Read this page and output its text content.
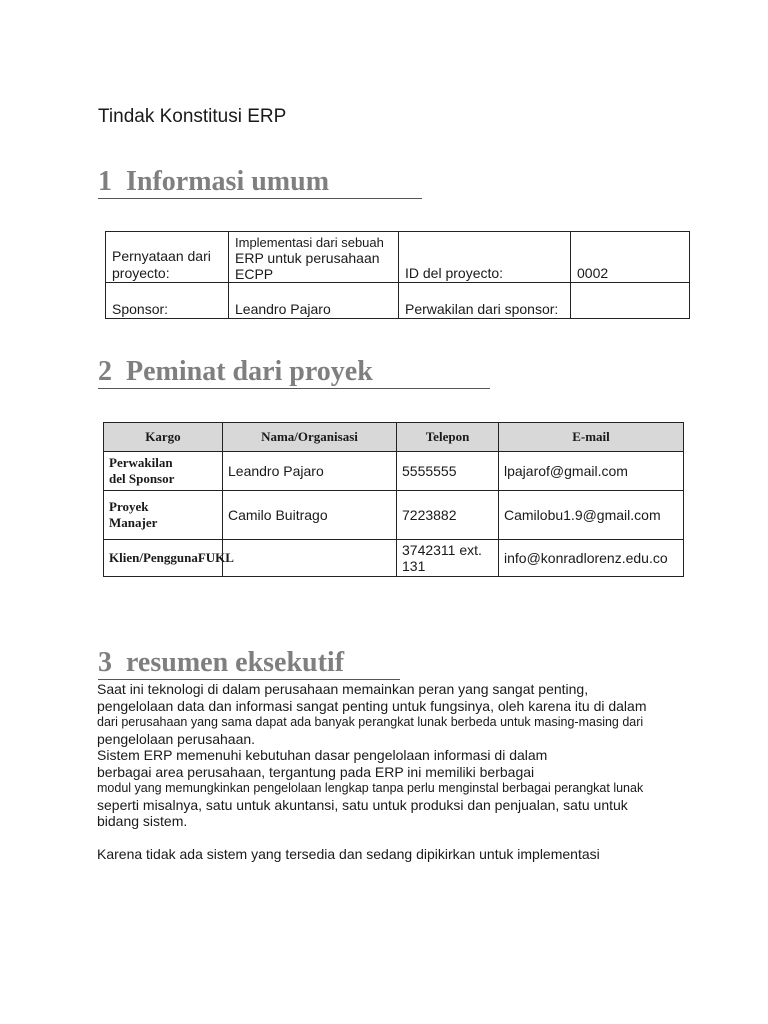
Tindak Konstitusi ERP
1 Informasi umum
Pernyataan dari proyecto:	Implementasi dari sebuah
ERP untuk perusahaan
ECPP	ID del proyecto:	0002
Sponsor:	Leandro Pajaro	Perwakilan dari sponsor:	
2 Peminat dari proyek
Kargo	Nama/Organisasi	Telepon	E-mail
Perwakilan
del Sponsor	Leandro Pajaro	5555555	lpajarof@gmail.com
Proyek
Manajer	Camilo Buitrago	7223882	Camilobu1.9@gmail.com
Klien/PenggunaFUKL		3742311 ext. 131	info@konradlorenz.edu.co
3 resumen eksekutif
Saat ini teknologi di dalam perusahaan memainkan peran yang sangat penting,
pengelolaan data dan informasi sangat penting untuk fungsinya, oleh karena itu di dalam
dari perusahaan yang sama dapat ada banyak perangkat lunak berbeda untuk masing-masing dari
pengelolaan perusahaan.
Sistem ERP memenuhi kebutuhan dasar pengelolaan informasi di dalam
berbagai area perusahaan, tergantung pada ERP ini memiliki berbagai
modul yang memungkinkan pengelolaan lengkap tanpa perlu menginstal berbagai perangkat lunak
seperti misalnya, satu untuk akuntansi, satu untuk produksi dan penjualan, satu untuk
bidang sistem.
Karena tidak ada sistem yang tersedia dan sedang dipikirkan untuk implementasi
